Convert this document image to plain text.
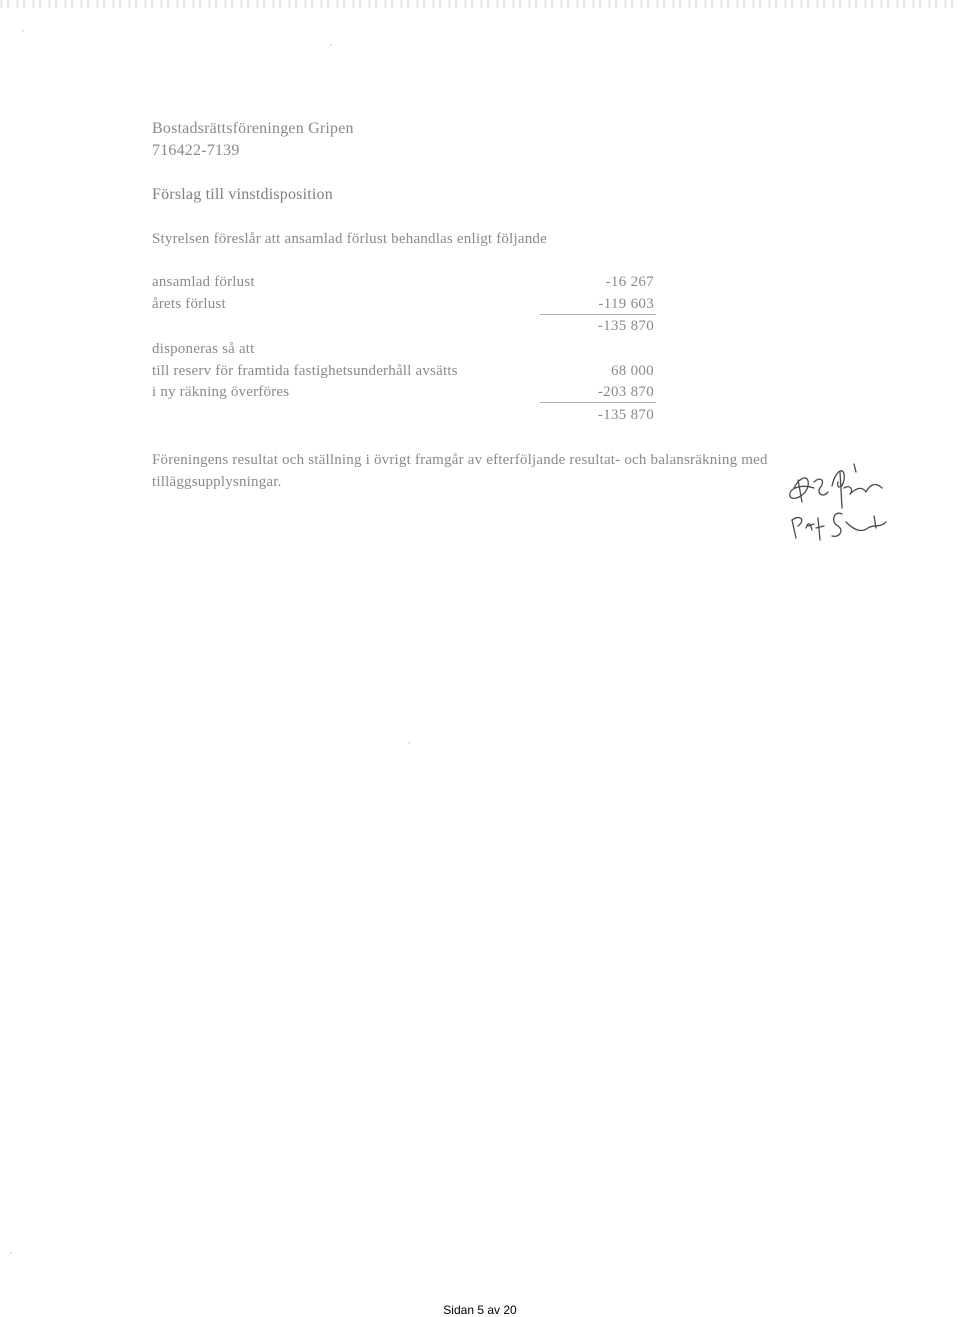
Bostadsrättsföreningen Gripen
716422-7139
Förslag till vinstdisposition
Styrelsen föreslår att ansamlad förlust behandlas enligt följande
ansamlad förlust	-16 267
årets förlust	-119 603
-135 870
disponeras så att
till reserv för framtida fastighetsunderhåll avsätts	68 000
i ny räkning överföres	-203 870
-135 870
Föreningens resultat och ställning i övrigt framgår av efterföljande resultat- och balansräkning med
tilläggsupplysningar.
Sidan 5 av 20
